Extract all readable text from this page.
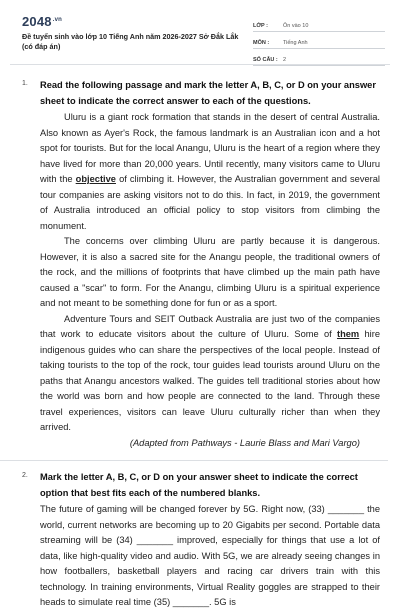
$2048^{.vn}$
Đề tuyển sinh vào lớp 10 Tiếng Anh năm 2026-2027 Sở Đắk Lắk (có đáp án)
LỚP :	Ôn vào 10
MÔN :	Tiếng Anh
SỐ CÂU : 2
1. Read the following passage and mark the letter A, B, C, or D on your answer sheet to indicate the correct answer to each of the questions.

Uluru is a giant rock formation that stands in the desert of central Australia. Also known as Ayer's Rock, the famous landmark is an Australian icon and a hot spot for tourists. But for the local Anangu, Uluru is the heart of a region where they have lived for more than 20,000 years. Until recently, many visitors came to Uluru with the objective of climbing it. However, the Australian government and several tour companies are asking visitors not to do this. In fact, in 2019, the government of Australia introduced an official policy to stop visitors from climbing the monument.

The concerns over climbing Uluru are partly because it is dangerous. However, it is also a sacred site for the Anangu people, the traditional owners of the rock, and the millions of footprints that have climbed up the main path have caused a "scar" to form. For the Anangu, climbing Uluru is a spiritual experience and not meant to be something done for fun or as a sport.

Adventure Tours and SEIT Outback Australia are just two of the companies that work to educate visitors about the culture of Uluru. Some of them hire indigenous guides who can share the perspectives of the local people. Instead of taking tourists to the top of the rock, tour guides lead tourists around Uluru on the paths that Anangu ancestors walked. The guides tell traditional stories about how the world was born and how people are connected to the land. Through these travel experiences, visitors can leave Uluru culturally richer than when they arrived.

(Adapted from Pathways - Laurie Blass and Mari Vargo)
2. Mark the letter A, B, C, or D on your answer sheet to indicate the correct option that best fits each of the numbered blanks.

The future of gaming will be changed forever by 5G. Right now, (33) _______ the world, current networks are becoming up to 20 Gigabits per second. Portable data streaming will be (34) _______ improved, especially for things that use a lot of data, like high-quality video and audio. With 5G, we are already seeing changes in how footballers, basketball players and racing car drivers train with this technology. In training environments, Virtual Reality goggles are strapped to their heads to simulate real time (35) _______. 5G is
